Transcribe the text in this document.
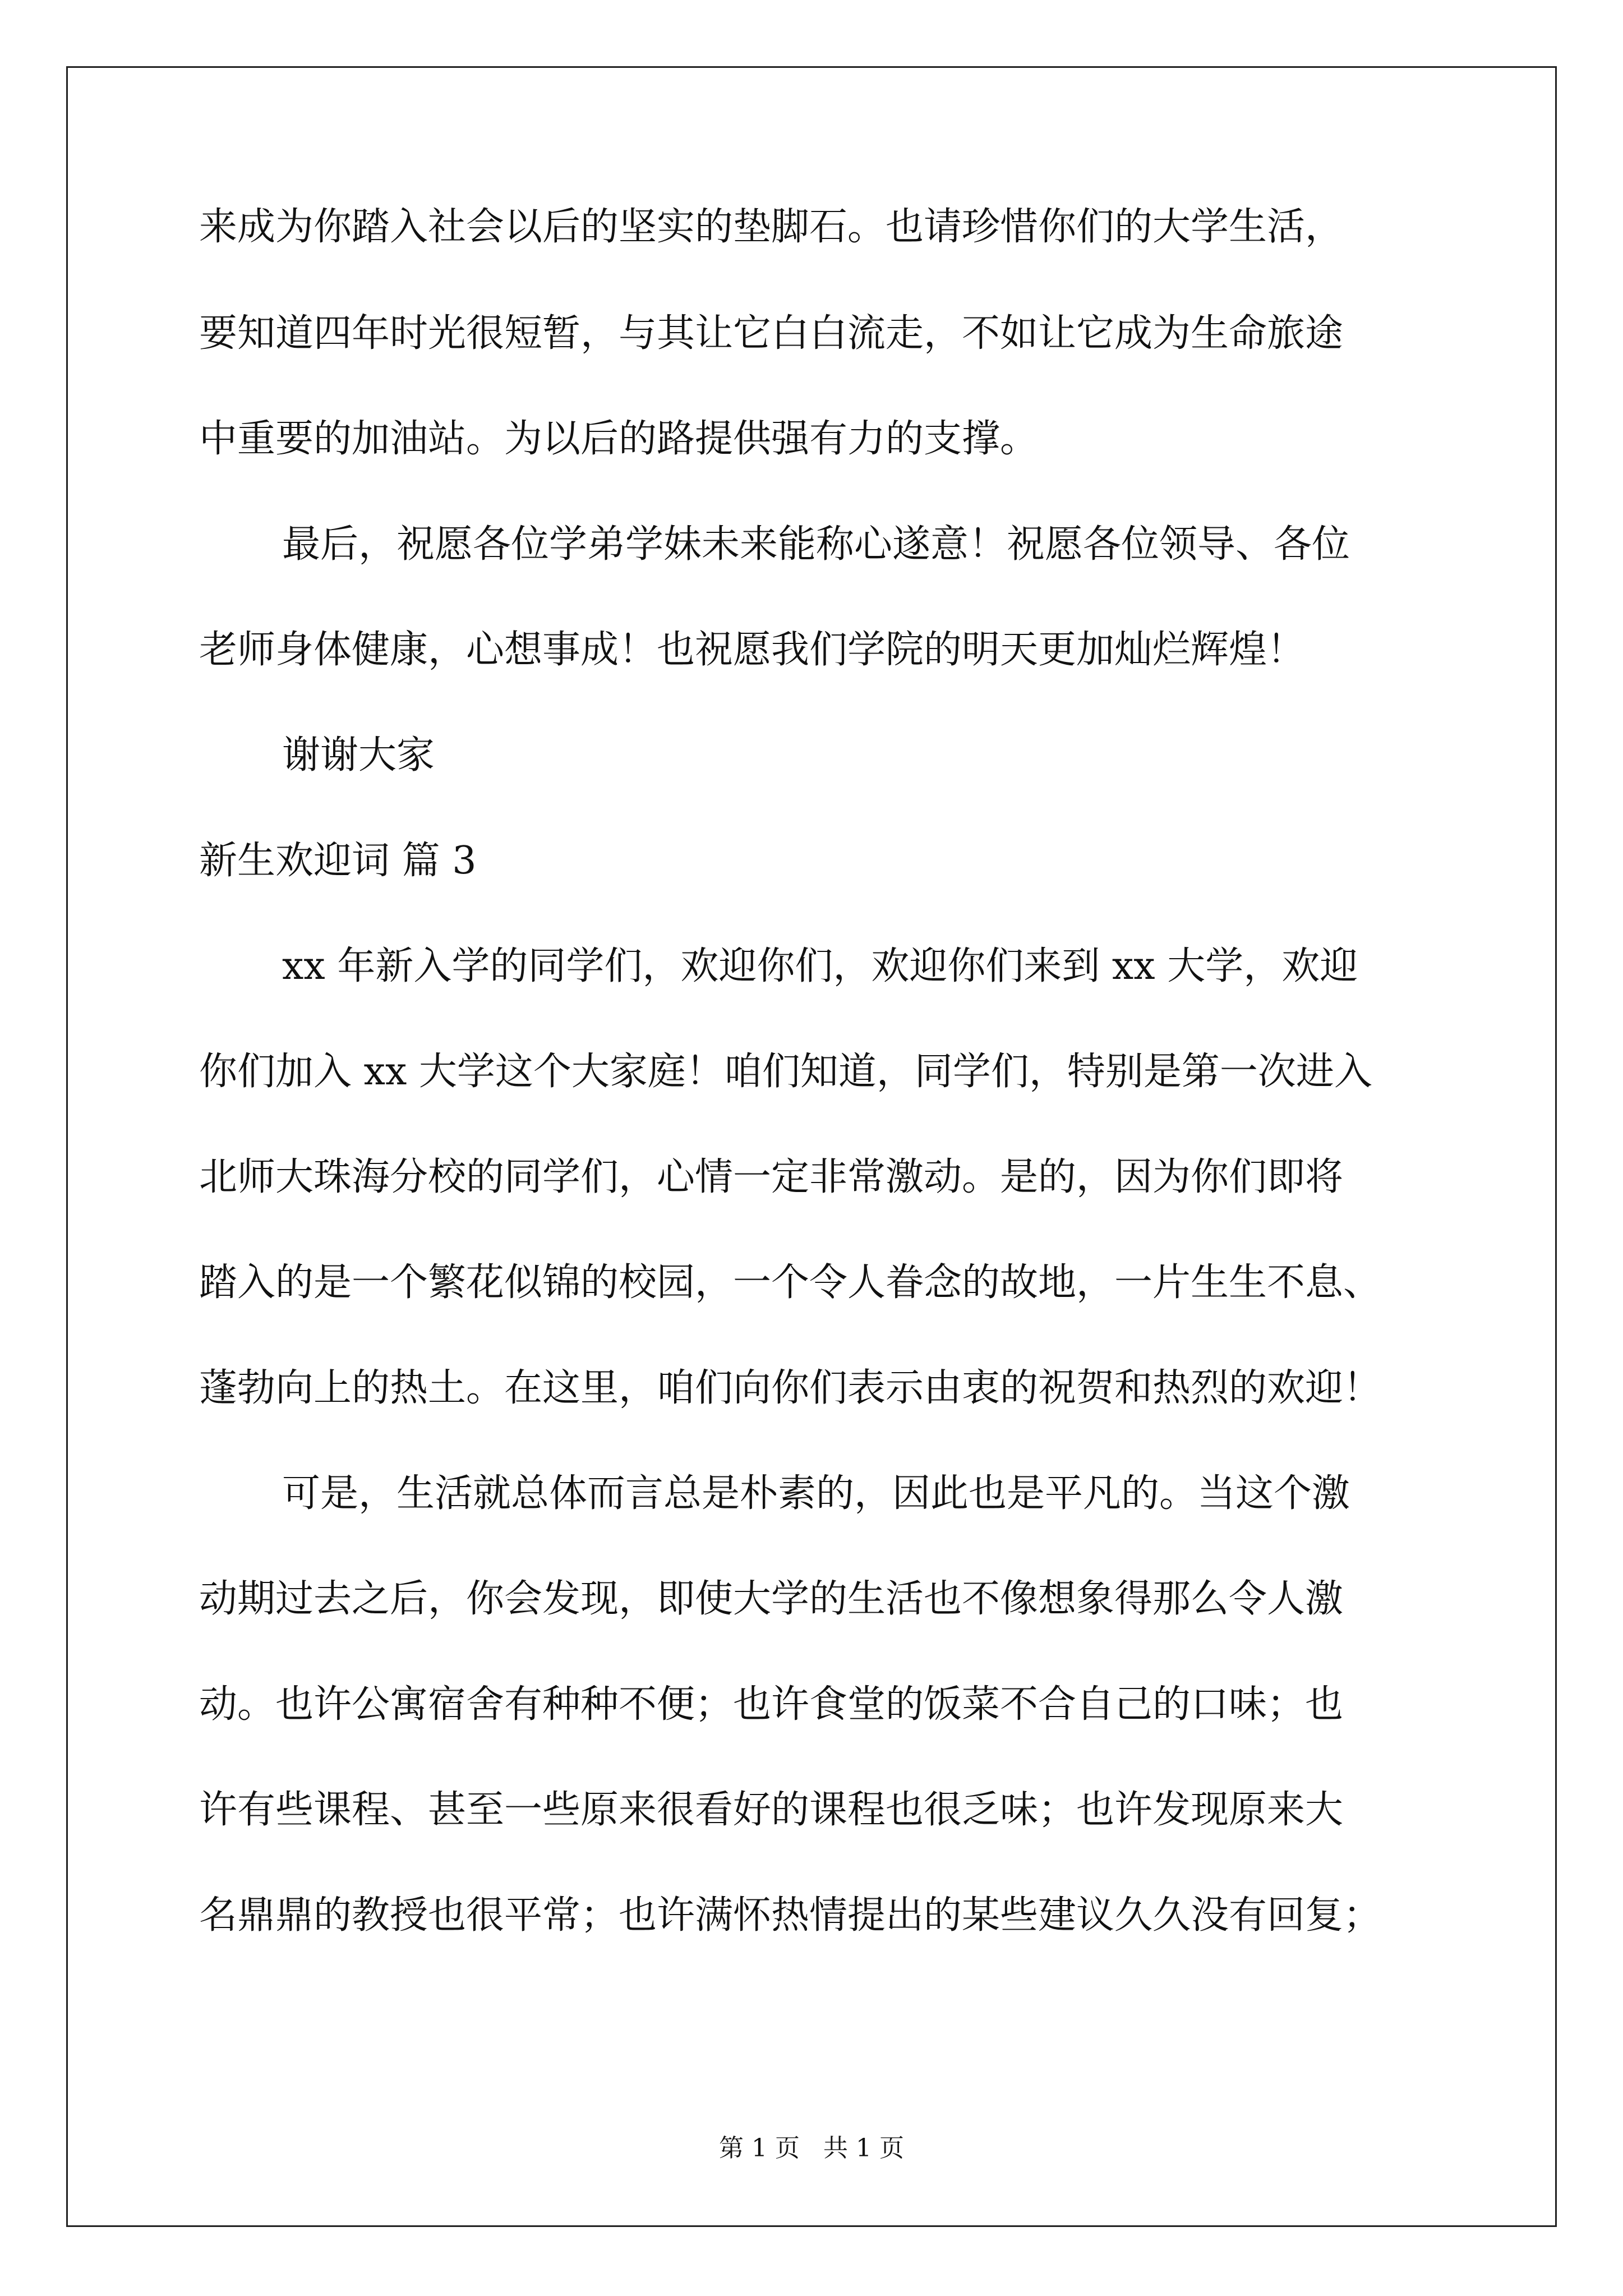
来成为你踏入社会以后的坚实的垫脚石。也请珍惜你们的大学生活，
要知道四年时光很短暂，与其让它白白流走，不如让它成为生命旅途
中重要的加油站。为以后的路提供强有力的支撑。
最后，祝愿各位学弟学妹未来能称心遂意！祝愿各位领导、各位
老师身体健康，心想事成！也祝愿我们学院的明天更加灿烂辉煌！
谢谢大家
新生欢迎词 篇 3
xx 年新入学的同学们，欢迎你们，欢迎你们来到 xx 大学，欢迎
你们加入 xx 大学这个大家庭！咱们知道，同学们，特别是第一次进入
北师大珠海分校的同学们，心情一定非常激动。是的，因为你们即将
踏入的是一个繁花似锦的校园，一个令人眷念的故地，一片生生不息、
蓬勃向上的热土。在这里，咱们向你们表示由衷的祝贺和热烈的欢迎！
可是，生活就总体而言总是朴素的，因此也是平凡的。当这个激
动期过去之后，你会发现，即使大学的生活也不像想象得那么令人激
动。也许公寓宿舍有种种不便；也许食堂的饭菜不合自己的口味；也
许有些课程、甚至一些原来很看好的课程也很乏味；也许发现原来大
名鼎鼎的教授也很平常；也许满怀热情提出的某些建议久久没有回复；
第 1 页   共 1 页
